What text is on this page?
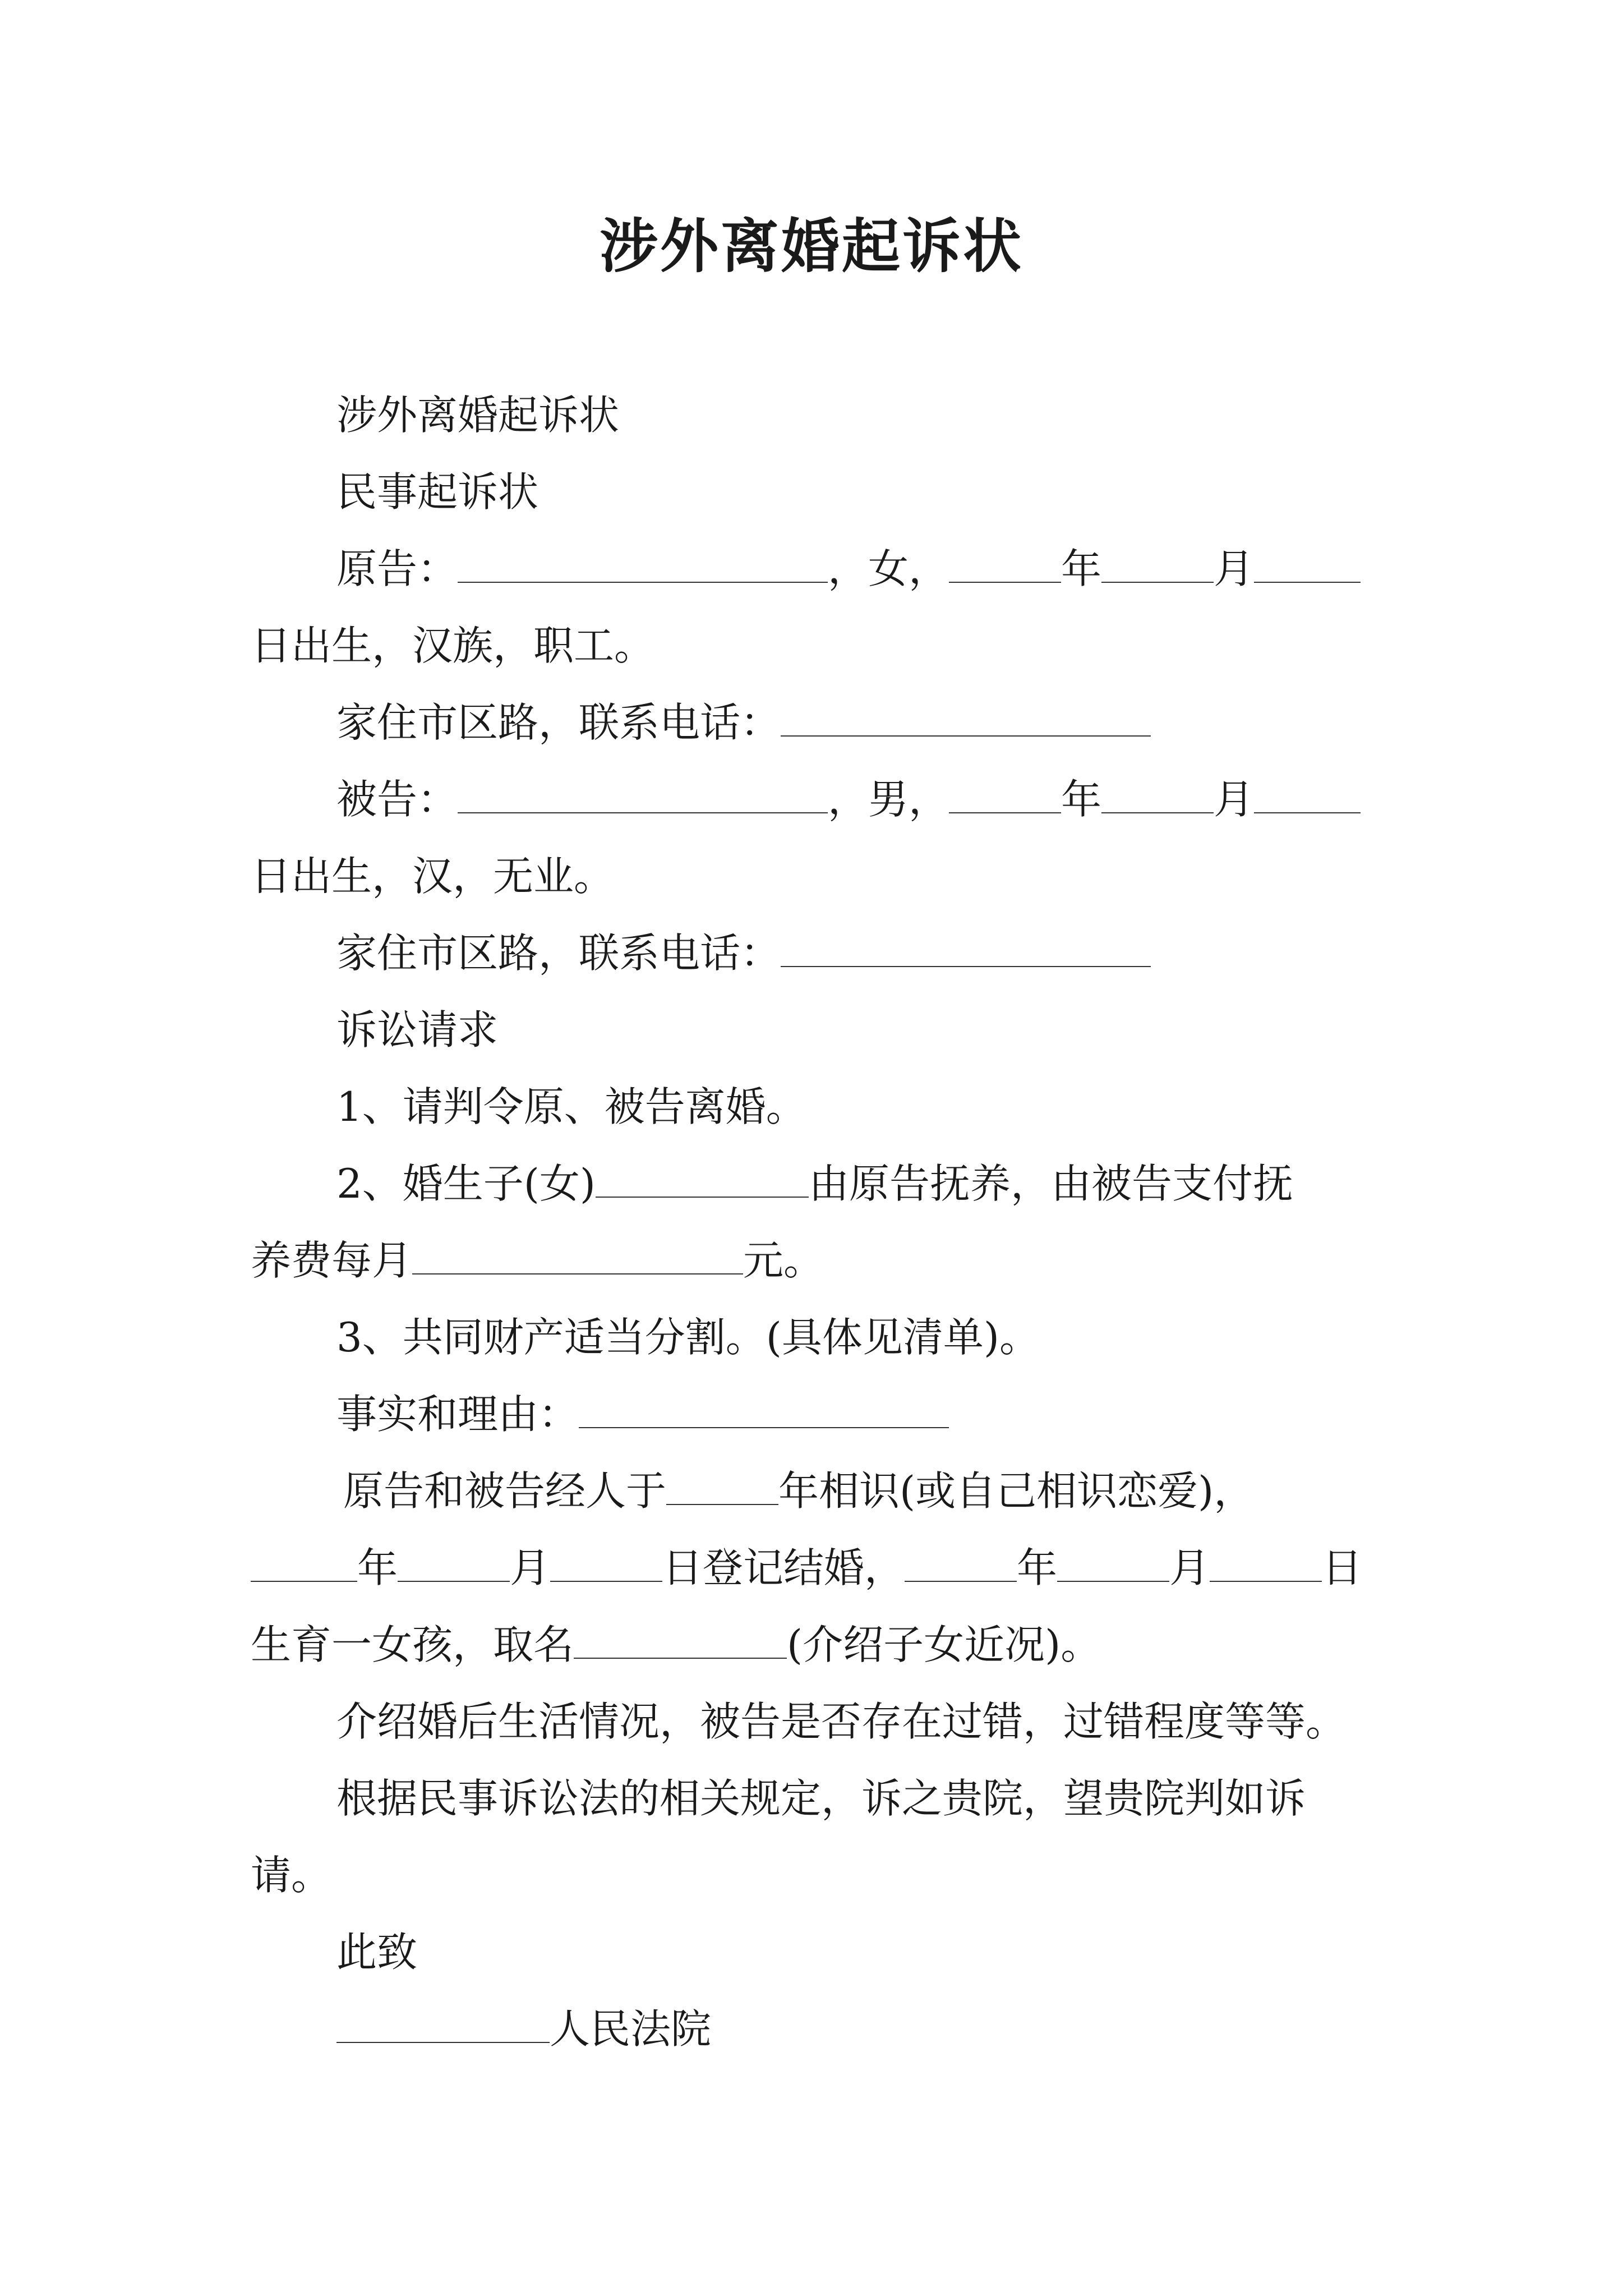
涉外离婚起诉状
涉外离婚起诉状
民事起诉状
原告：	，女，	年	月
日出生，汉族，职工。
家住市区路，联系电话：
被告：	，男，	年	月
日出生，汉，无业。
家住市区路，联系电话：
诉讼请求
1、请判令原、被告离婚。
2、婚生子(女)	由原告抚养，由被告支付抚
养费每月	元。
3、共同财产适当分割。(具体见清单)。
事实和理由：
原告和被告经人于	年相识(或自己相识恋爱)，
年	月	日登记结婚，	年	月	日
生育一女孩，取名	(介绍子女近况)。
介绍婚后生活情况，被告是否存在过错，过错程度等等。
根据民事诉讼法的相关规定，诉之贵院，望贵院判如诉
请。
此致
人民法院
